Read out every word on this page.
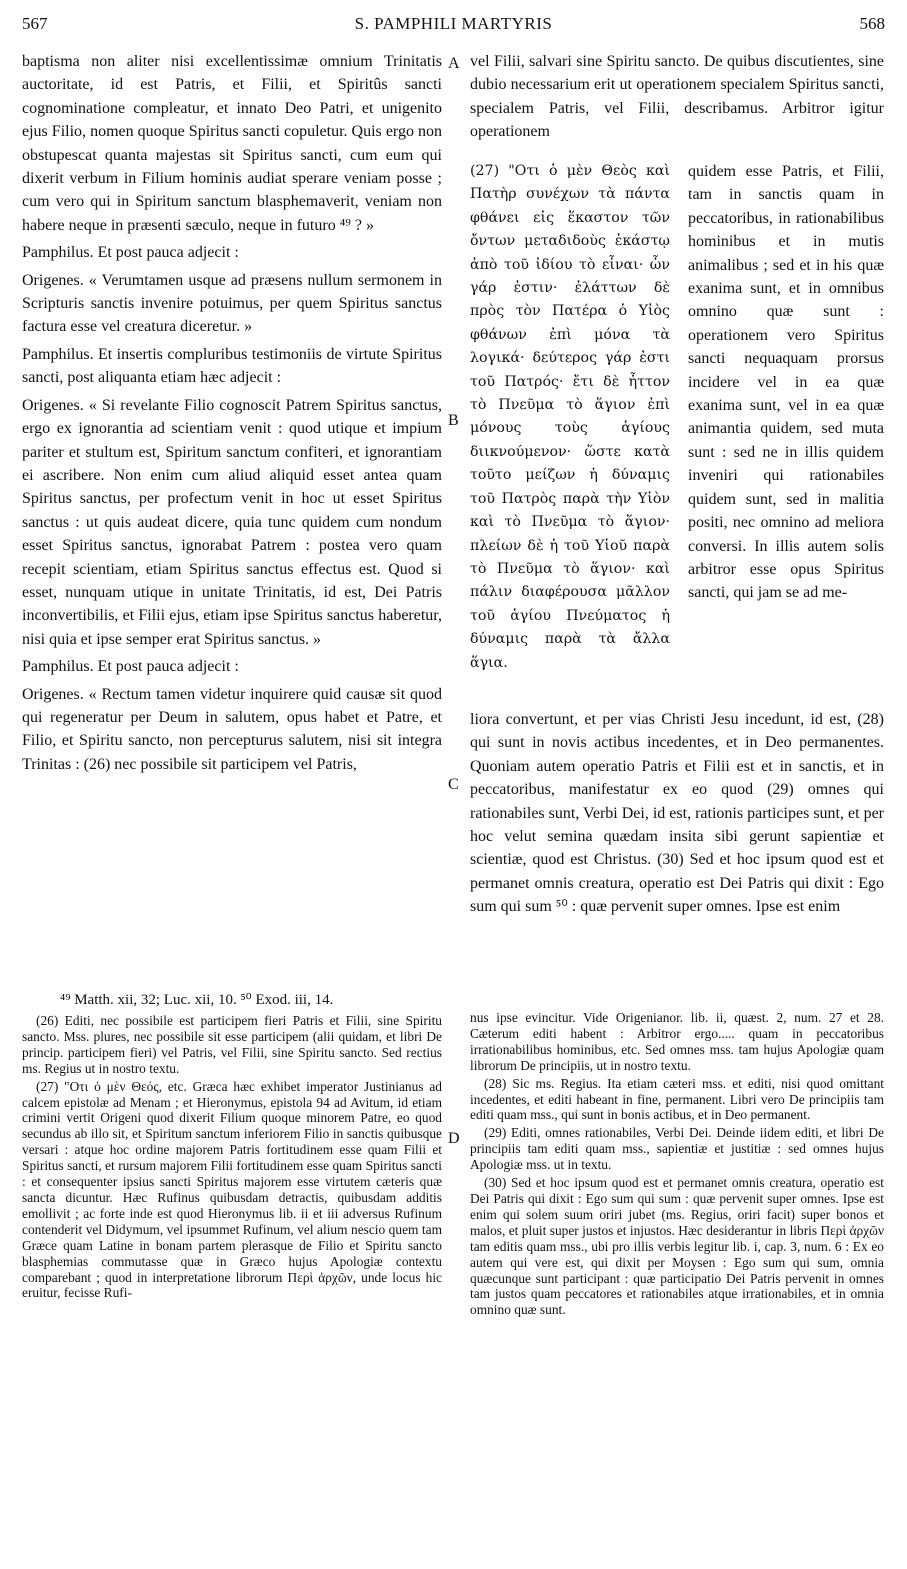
567	S. PAMPHILI MARTYRIS	568

baptisma non aliter nisi excellentissimæ omnium Trinitatis auctoritate, id est Patris, et Filii, et Spiritûs sancti cognominatione compleatur, et innato Deo Patri, et unigenito ejus Filio, nomen quoque Spiritus sancti copuletur. Quis ergo non obstupescat quanta majestas sit Spiritus sancti, cum eum qui dixerit verbum in Filium hominis audiat sperare veniam posse ; cum vero qui in Spiritum sanctum blasphemaverit, veniam non habere neque in præsenti sæculo, neque in futuro ⁴⁹ ? »

Pamphilus. Et post pauca adjecit :

Origenes. « Verumtamen usque ad præsens nullum sermonem in Scripturis sanctis invenire potuimus, per quem Spiritus sanctus factura esse vel creatura diceretur. »

Pamphilus. Et insertis compluribus testimoniis de virtute Spiritus sancti, post aliquanta etiam hæc adjecit :

Origenes. « Si revelante Filio cognoscit Patrem Spiritus sanctus, ergo ex ignorantia ad scientiam venit : quod utique et impium pariter et stultum est, Spiritum sanctum confiteri, et ignorantiam ei ascribere. Non enim cum aliud aliquid esset antea quam Spiritus sanctus, per profectum venit in hoc ut esset Spiritus sanctus : ut quis audeat dicere, quia tunc quidem cum nondum esset Spiritus sanctus, ignorabat Patrem : postea vero quam recepit scientiam, etiam Spiritus sanctus effectus est. Quod si esset, nunquam utique in unitate Trinitatis, id est, Dei Patris inconvertibilis, et Filii ejus, etiam ipse Spiritus sanctus haberetur, nisi quia et ipse semper erat Spiritus sanctus. »

Pamphilus. Et post pauca adjecit :

Origenes. « Rectum tamen videtur inquirere quid causæ sit quod qui regeneratur per Deum in salutem, opus habet et Patre, et Filio, et Spiritu sancto, non percepturus salutem, nisi sit integra Trinitas : (26) nec possibile sit participem vel Patris,

⁴⁹ Matth. xii, 32; Luc. xii, 10. ⁵⁰ Exod. iii, 14.

(26) Editi, nec possibile est participem fieri Patris et Filii, sine Spiritu sancto. Mss. plures, nec possibile sit esse participem (alii quidam, et libri De princip. participem fieri) vel Patris, vel Filii, sine Spiritu sancto. Sed rectius ms. Regius ut in nostro textu.

(27) "Οτι ὁ μὲν Θεός, etc. Græca hæc exhibet imperator Justinianus ad calcem epistolæ ad Menam ; et Hieronymus, epistola 94 ad Avitum, id etiam crimini vertit Origeni quod dixerit Filium quoque minorem Patre, eo quod secundus ab illo sit, et Spiritum sanctum inferiorem Filio in sanctis quibusque versari : atque hoc ordine majorem Patris fortitudinem esse quam Filii et Spiritus sancti, et rursum majorem Filii fortitudinem esse quam Spiritus sancti : et consequenter ipsius sancti Spiritus majorem esse virtutem cæteris quæ sancta dicuntur. Hæc Rufinus quibusdam detractis, quibusdam additis emollivit ; ac forte inde est quod Hieronymus lib. ii et iii adversus Rufinum contenderit vel Didymum, vel ipsummet Rufinum, vel alium nescio quem tam Græce quam Latine in bonam partem plerasque de Filio et Spiritu sancto blasphemias commutasse quæ in Græco hujus Apologiæ contextu comparebant ; quod in interpretatione librorum Περὶ ἀρχῶν, unde locus hic eruitur, fecisse Rufi-

vel Filii, salvari sine Spiritu sancto. De quibus discutientes, sine dubio necessarium erit ut operationem specialem Spiritus sancti, specialem Patris, vel Filii, describamus. Arbitror igitur operationem
(27) "Οτι ὁ μὲν Θεὸς καὶ Πατὴρ συνέχων τὰ πάντα φθάνει εἰς ἕκαστον τῶν ὄντων μεταδιδοὺς ἑκάστῳ ἀπὸ τοῦ ἰδίου τὸ εἶναι· ὧν γάρ ἐστιν· ἐλάττων δὲ πρὸς τὸν Πατέρα ὁ Υἱὸς φθάνων ἐπὶ μόνα τὰ λογικά· δεύτερος γάρ ἐστι τοῦ Πατρός· ἔτι δὲ ἧττον τὸ Πνεῦμα τὸ ἅγιον ἐπὶ μόνους τοὺς ἁγίους διικνούμενον· ὥστε κατὰ τοῦτο μείζων ἡ δύναμις τοῦ Πατρὸς παρὰ τὴν Υἱὸν καὶ τὸ Πνεῦμα τὸ ἅγιον· πλείων δὲ ἡ τοῦ Υἱοῦ παρὰ τὸ Πνεῦμα τὸ ἅγιον· καὶ πάλιν διαφέρουσα μᾶλλον τοῦ ἁγίου Πνεύματος ἡ δύναμις παρὰ τὰ ἄλλα ἅγια.
quidem esse Patris, et Filii, tam in sanctis quam in peccatoribus, in rationabilibus hominibus et in mutis animalibus ; sed et in his quæ exanima sunt, et in omnibus omnino quæ sunt : operationem vero Spiritus sancti nequaquam prorsus incidere vel in ea quæ exanima sunt, vel in ea quæ animantia quidem, sed muta sunt : sed ne in illis quidem inveniri qui rationabiles quidem sunt, sed in malitia positi, nec omnino ad meliora conversi. In illis autem solis arbitror esse opus Spiritus sancti, qui jam se ad me-
liora convertunt, et per vias Christi Jesu incedunt, id est, (28) qui sunt in novis actibus incedentes, et in Deo permanentes. Quoniam autem operatio Patris et Filii est et in sanctis, et in peccatoribus, manifestatur ex eo quod (29) omnes qui rationabiles sunt, Verbi Dei, id est, rationis participes sunt, et per hoc velut semina quædam insita sibi gerunt sapientiæ et scientiæ, quod est Christus. (30) Sed et hoc ipsum quod est et permanet omnis creatura, operatio est Dei Patris qui dixit : Ego sum qui sum ⁵⁰ : quæ pervenit super omnes. Ipse est enim

nus ipse evincitur. Vide Origenianor. lib. ii, quæst. 2, num. 27 et 28. Cæterum editi habent : Arbitror ergo..... quam in peccatoribus irrationabilibus hominibus, etc. Sed omnes mss. tam hujus Apologiæ quam librorum De principiis, ut in nostro textu.

(28) Sic ms. Regius. Ita etiam cæteri mss. et editi, nisi quod omittant incedentes, et editi habeant in fine, permanent. Libri vero De principiis tam editi quam mss., qui sunt in bonis actibus, et in Deo permanent.

(29) Editi, omnes rationabiles, Verbi Dei. Deinde iidem editi, et libri De principiis tam editi quam mss., sapientiæ et justitiæ : sed omnes hujus Apologiæ mss. ut in textu.

(30) Sed et hoc ipsum quod est et permanet omnis creatura, operatio est Dei Patris qui dixit : Ego sum qui sum : quæ pervenit super omnes. Ipse est enim qui solem suum oriri jubet (ms. Regius, oriri facit) super bonos et malos, et pluit super justos et injustos. Hæc desiderantur in libris Περὶ ἀρχῶν tam editis quam mss., ubi pro illis verbis legitur lib. i, cap. 3, num. 6 : Ex eo autem qui vere est, qui dixit per Moysen : Ego sum qui sum, omnia quæcunque sunt participant : quæ participatio Dei Patris pervenit in omnes tam justos quam peccatores et rationabiles atque irrationabiles, et in omnia omnino quæ sunt.

A
B
C
D
